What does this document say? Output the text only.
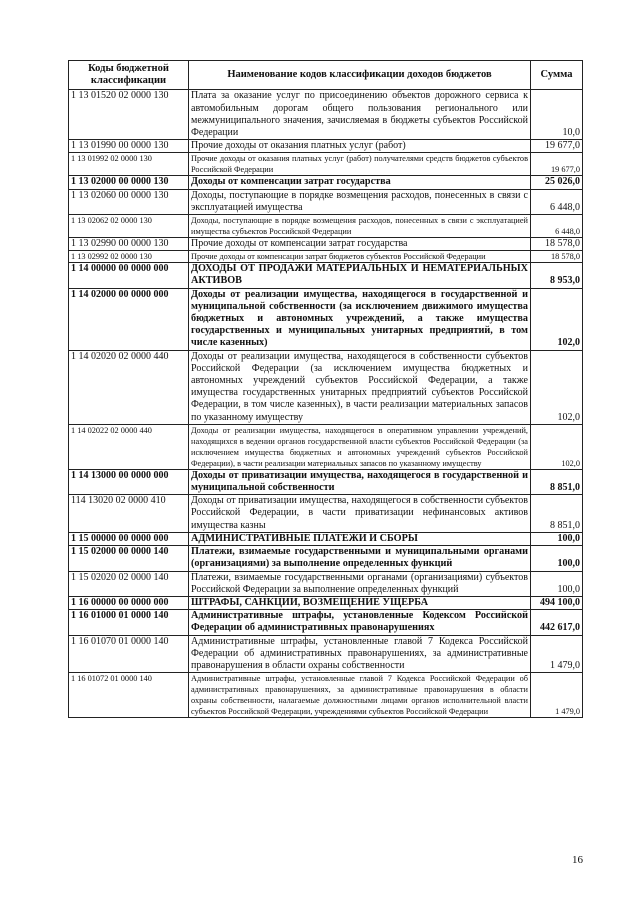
Коды бюджетной классификации	Наименование кодов классификации доходов бюджетов	Сумма
1 13 01520 02 0000 130	Плата за оказание услуг по присоединению объектов дорожного сервиса к автомобильным дорогам общего пользования регионального или межмуниципального значения, зачисляемая в бюджеты субъектов Российской Федерации	10,0
1 13 01990 00 0000 130	Прочие доходы от оказания платных услуг (работ)	19 677,0
1 13 01992 02 0000 130	Прочие доходы от оказания платных услуг (работ) получателями средств бюджетов субъектов Российской Федерации	19 677,0
1 13 02000 00 0000 130	Доходы от компенсации затрат государства	25 026,0
1 13 02060 00 0000 130	Доходы, поступающие в порядке возмещения расходов, понесенных в связи с эксплуатацией имущества	6 448,0
1 13 02062 02 0000 130	Доходы, поступающие в порядке возмещения расходов, понесенных в связи с эксплуатацией имущества субъектов Российской Федерации	6 448,0
1 13 02990 00 0000 130	Прочие доходы от компенсации затрат государства	18 578,0
1 13 02992 02 0000 130	Прочие доходы от компенсации затрат бюджетов субъектов Российской Федерации	18 578,0
1 14 00000 00 0000 000	ДОХОДЫ ОТ ПРОДАЖИ МАТЕРИАЛЬНЫХ И НЕМАТЕРИАЛЬНЫХ АКТИВОВ	8 953,0
1 14 02000 00 0000 000	Доходы от реализации имущества, находящегося в государственной и муниципальной собственности (за исключением движимого имущества бюджетных и автономных учреждений, а также имущества государственных и муниципальных унитарных предприятий, в том числе казенных)	102,0
1 14 02020 02 0000 440	Доходы от реализации имущества, находящегося в собственности субъектов Российской Федерации (за исключением имущества бюджетных и автономных учреждений субъектов Российской Федерации, а также имущества государственных унитарных предприятий субъектов Российской Федерации, в том числе казенных), в части реализации материальных запасов по указанному имуществу	102,0
1 14 02022 02 0000 440	Доходы от реализации имущества, находящегося в оперативном управлении учреждений, находящихся в ведении органов государственной власти субъектов Российской Федерации (за исключением имущества бюджетных и автономных учреждений субъектов Российской Федерации), в части реализации материальных запасов по указанному имуществу	102,0
1 14 13000 00 0000 000	Доходы от приватизации имущества, находящегося в государственной и муниципальной собственности	8 851,0
114 13020 02 0000 410	Доходы от приватизации имущества, находящегося в собственности субъектов Российской Федерации, в части приватизации нефинансовых активов имущества казны	8 851,0
1 15 00000 00 0000 000	АДМИНИСТРАТИВНЫЕ ПЛАТЕЖИ И СБОРЫ	100,0
1 15 02000 00 0000 140	Платежи, взимаемые государственными и муниципальными органами (организациями) за выполнение определенных функций	100,0
1 15 02020 02 0000 140	Платежи, взимаемые государственными органами (организациями) субъектов Российской Федерации за выполнение определенных функций	100,0
1 16 00000 00 0000 000	ШТРАФЫ, САНКЦИИ, ВОЗМЕЩЕНИЕ УЩЕРБА	494 100,0
1 16 01000 01 0000 140	Административные штрафы, установленные Кодексом Российской Федерации об административных правонарушениях	442 617,0
1 16 01070 01 0000 140	Административные штрафы, установленные главой 7 Кодекса Российской Федерации об административных правонарушениях, за административные правонарушения в области охраны собственности	1 479,0
1 16 01072 01 0000 140	Административные штрафы, установленные главой 7 Кодекса Российской Федерации об административных правонарушениях, за административные правонарушения в области охраны собственности, налагаемые должностными лицами органов исполнительной власти субъектов Российской Федерации, учреждениями субъектов Российской Федерации	1 479,0
16
